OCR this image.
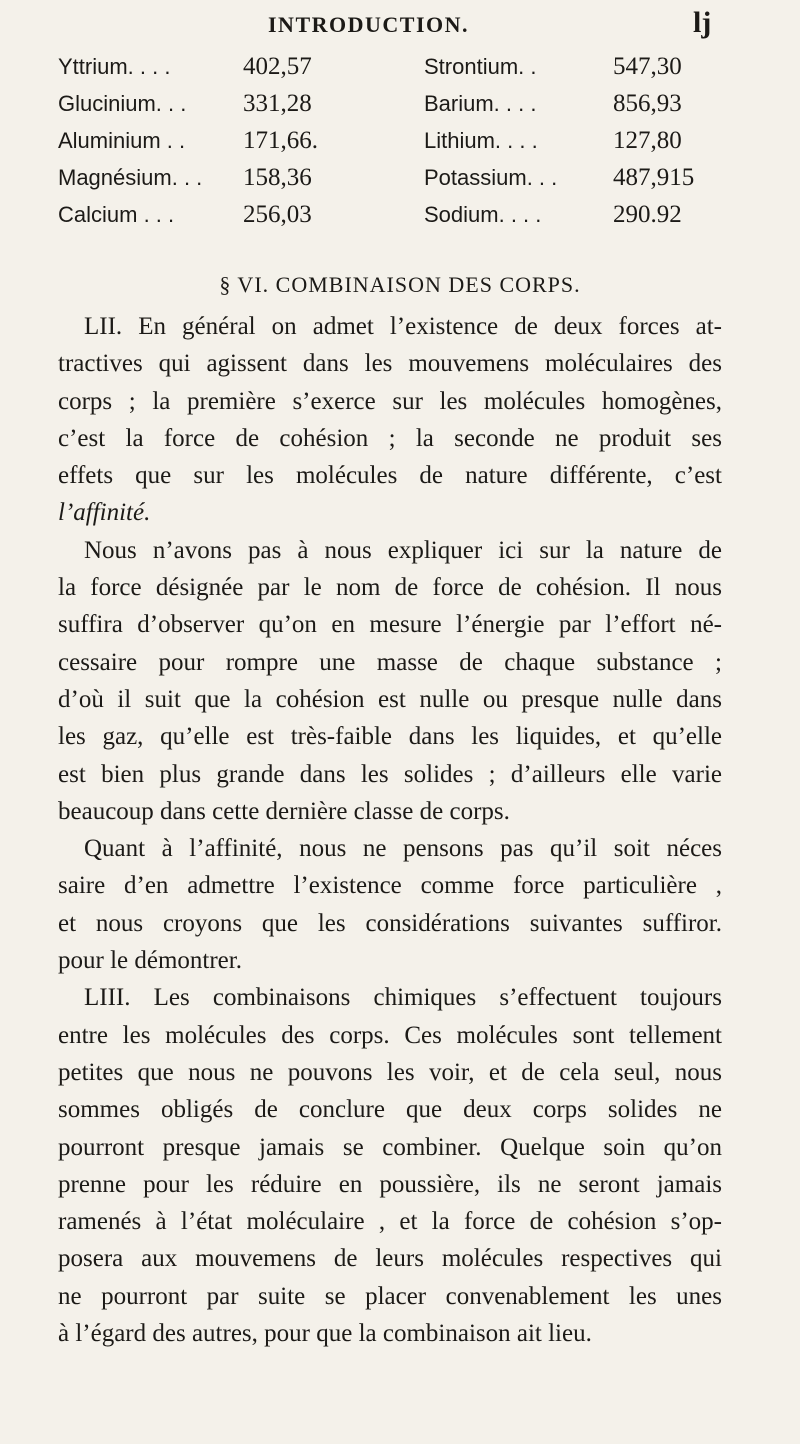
INTRODUCTION.	lj
Yttrium. . . .	402,57	Strontium. .	547,30
Glucinium. . . 331,28	Barium. . . .	856,93
Aluminium . . 171,66.	Lithium. . . .	127,80
Magnésium. . . 158,36	Potassium. . . 487,915
Calcium . . .	256,03	Sodium. . . .	290.92
§ VI. COMBINAISON DES CORPS.
LII. En général on admet l’existence de deux forces at-
tractives qui agissent dans les mouvemens moléculaires des
corps ; la première s’exerce sur les molécules homogènes,
c’est la force de cohésion ; la seconde ne produit ses
effets que sur les molécules de nature différente, c’est
l’affinité.
Nous n’avons pas à nous expliquer ici sur la nature de
la force désignée par le nom de force de cohésion. Il nous
suffira d’observer qu’on en mesure l’énergie par l’effort né-
cessaire pour rompre une masse de chaque substance ;
d’où il suit que la cohésion est nulle ou presque nulle dans
les gaz, qu’elle est très-faible dans les liquides, et qu’elle
est bien plus grande dans les solides ; d’ailleurs elle varie
beaucoup dans cette dernière classe de corps.
Quant à l’affinité, nous ne pensons pas qu’il soit néces
saire d’en admettre l’existence comme force particulière ,
et nous croyons que les considérations suivantes suffiror.
pour le démontrer.
LIII. Les combinaisons chimiques s’effectuent toujours
entre les molécules des corps. Ces molécules sont tellement
petites que nous ne pouvons les voir, et de cela seul, nous
sommes obligés de conclure que deux corps solides ne
pourront presque jamais se combiner. Quelque soin qu’on
prenne pour les réduire en poussière, ils ne seront jamais
ramenés à l’état moléculaire , et la force de cohésion s’op-
posera aux mouvemens de leurs molécules respectives qui
ne pourront par suite se placer convenablement les unes
à l’égard des autres, pour que la combinaison ait lieu.
